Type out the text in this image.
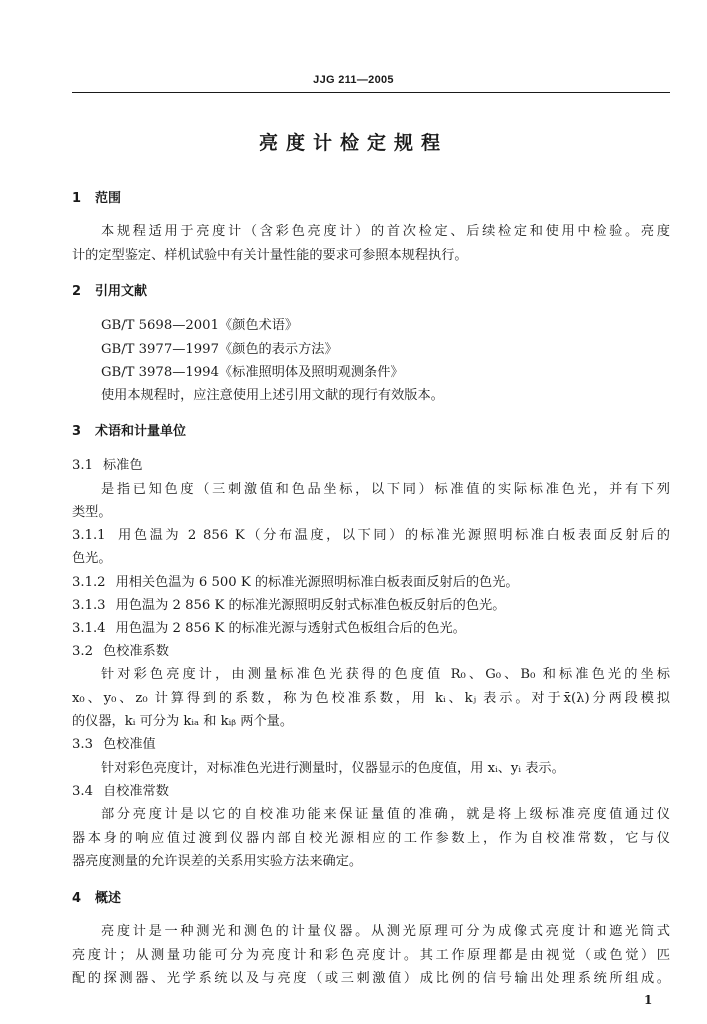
JJG 211—2005
亮度计检定规程
1 范围
本规程适用于亮度计（含彩色亮度计）的首次检定、后续检定和使用中检验。亮度
计的定型鉴定、样机试验中有关计量性能的要求可参照本规程执行。
2 引用文献
GB/T 5698—2001《颜色术语》
GB/T 3977—1997《颜色的表示方法》
GB/T 3978—1994《标准照明体及照明观测条件》
使用本规程时，应注意使用上述引用文献的现行有效版本。
3 术语和计量单位
3.1 标准色
是指已知色度（三刺激值和色品坐标，以下同）标准值的实际标准色光，并有下列
类型。
3.1.1 用色温为 2 856 K（分布温度，以下同）的标准光源照明标准白板表面反射后的
色光。
3.1.2 用相关色温为 6 500 K 的标准光源照明标准白板表面反射后的色光。
3.1.3 用色温为 2 856 K 的标准光源照明反射式标准色板反射后的色光。
3.1.4 用色温为 2 856 K 的标准光源与透射式色板组合后的色光。
3.2 色校准系数
针对彩色亮度计，由测量标准色光获得的色度值 R₀、G₀、B₀ 和标准色光的坐标
x₀、y₀、z₀ 计算得到的系数，称为色校准系数，用 kᵢ、kⱼ 表示。对于x̄(λ)分两段模拟
的仪器，kᵢ 可分为 kᵢₐ 和 kᵢᵦ 两个量。
3.3 色校准值
针对彩色亮度计，对标准色光进行测量时，仪器显示的色度值，用 xᵢ、yᵢ 表示。
3.4 自校准常数
部分亮度计是以它的自校准功能来保证量值的准确，就是将上级标准亮度值通过仪
器本身的响应值过渡到仪器内部自校光源相应的工作参数上，作为自校准常数，它与仪
器亮度测量的允许误差的关系用实验方法来确定。
4 概述
亮度计是一种测光和测色的计量仪器。从测光原理可分为成像式亮度计和遮光筒式
亮度计；从测量功能可分为亮度计和彩色亮度计。其工作原理都是由视觉（或色觉）匹
配的探测器、光学系统以及与亮度（或三刺激值）成比例的信号输出处理系统所组成。
1
